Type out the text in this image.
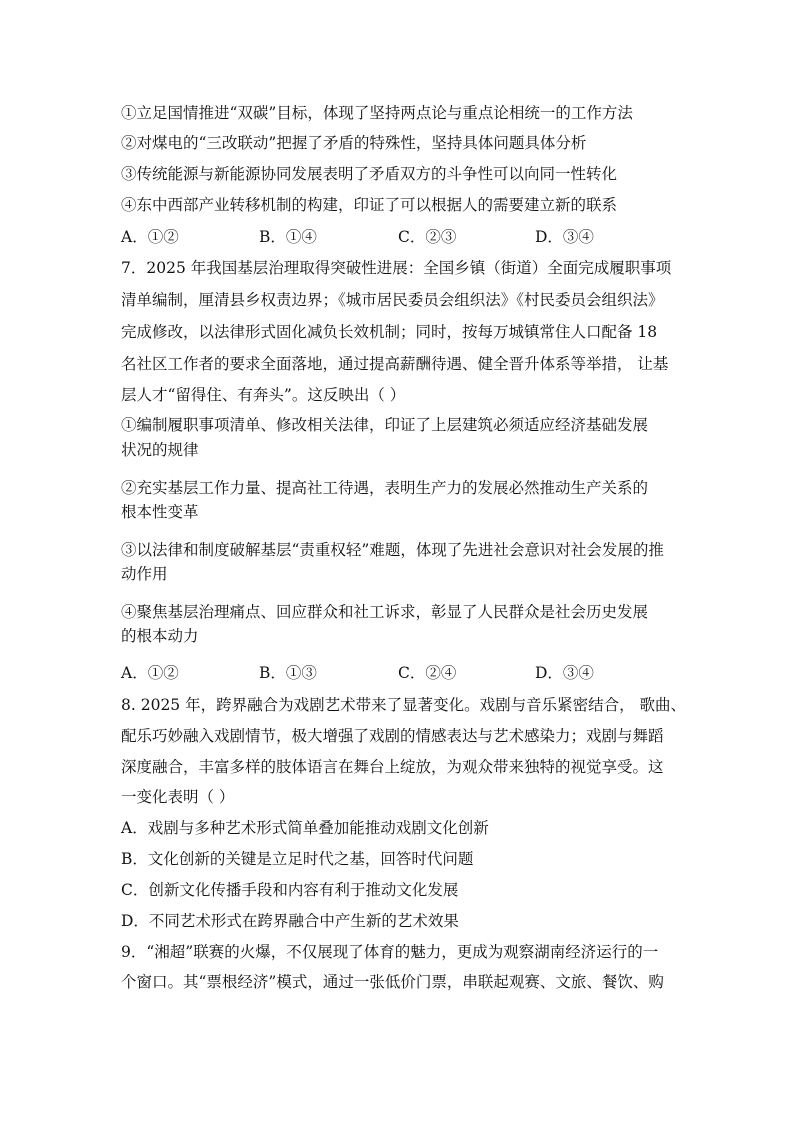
①立足国情推进“双碳”目标，体现了坚持两点论与重点论相统一的工作方法
②对煤电的“三改联动”把握了矛盾的特殊性，坚持具体问题具体分析
③传统能源与新能源协同发展表明了矛盾双方的斗争性可以向同一性转化
④东中西部产业转移机制的构建，印证了可以根据人的需要建立新的联系
A．①②	B．①④	C．②③	D．③④
7．2025 年我国基层治理取得突破性进展：全国乡镇（街道）全面完成履职事项
清单编制，厘清县乡权责边界；《城市居民委员会组织法》《村民委员会组织法》
完成修改，以法律形式固化减负长效机制；同时，按每万城镇常住人口配备 18
名社区工作者的要求全面落地，通过提高薪酬待遇、健全晋升体系等举措， 让基
层人才“留得住、有奔头”。这反映出（ ）
①编制履职事项清单、修改相关法律，印证了上层建筑必须适应经济基础发展
状况的规律
②充实基层工作力量、提高社工待遇，表明生产力的发展必然推动生产关系的
根本性变革
③以法律和制度破解基层“责重权轻”难题，体现了先进社会意识对社会发展的推
动作用
④聚焦基层治理痛点、回应群众和社工诉求，彰显了人民群众是社会历史发展
的根本动力
A．①②	B．①③	C．②④	D．③④
8. 2025 年，跨界融合为戏剧艺术带来了显著变化。戏剧与音乐紧密结合， 歌曲、
配乐巧妙融入戏剧情节，极大增强了戏剧的情感表达与艺术感染力；戏剧与舞蹈
深度融合，丰富多样的肢体语言在舞台上绽放，为观众带来独特的视觉享受。这
一变化表明（ ）
A．戏剧与多种艺术形式简单叠加能推动戏剧文化创新
B．文化创新的关键是立足时代之基，回答时代问题
C．创新文化传播手段和内容有利于推动文化发展
D．不同艺术形式在跨界融合中产生新的艺术效果
9．“湘超”联赛的火爆，不仅展现了体育的魅力，更成为观察湖南经济运行的一
个窗口。其“票根经济”模式，通过一张低价门票，串联起观赛、文旅、餐饮、购
